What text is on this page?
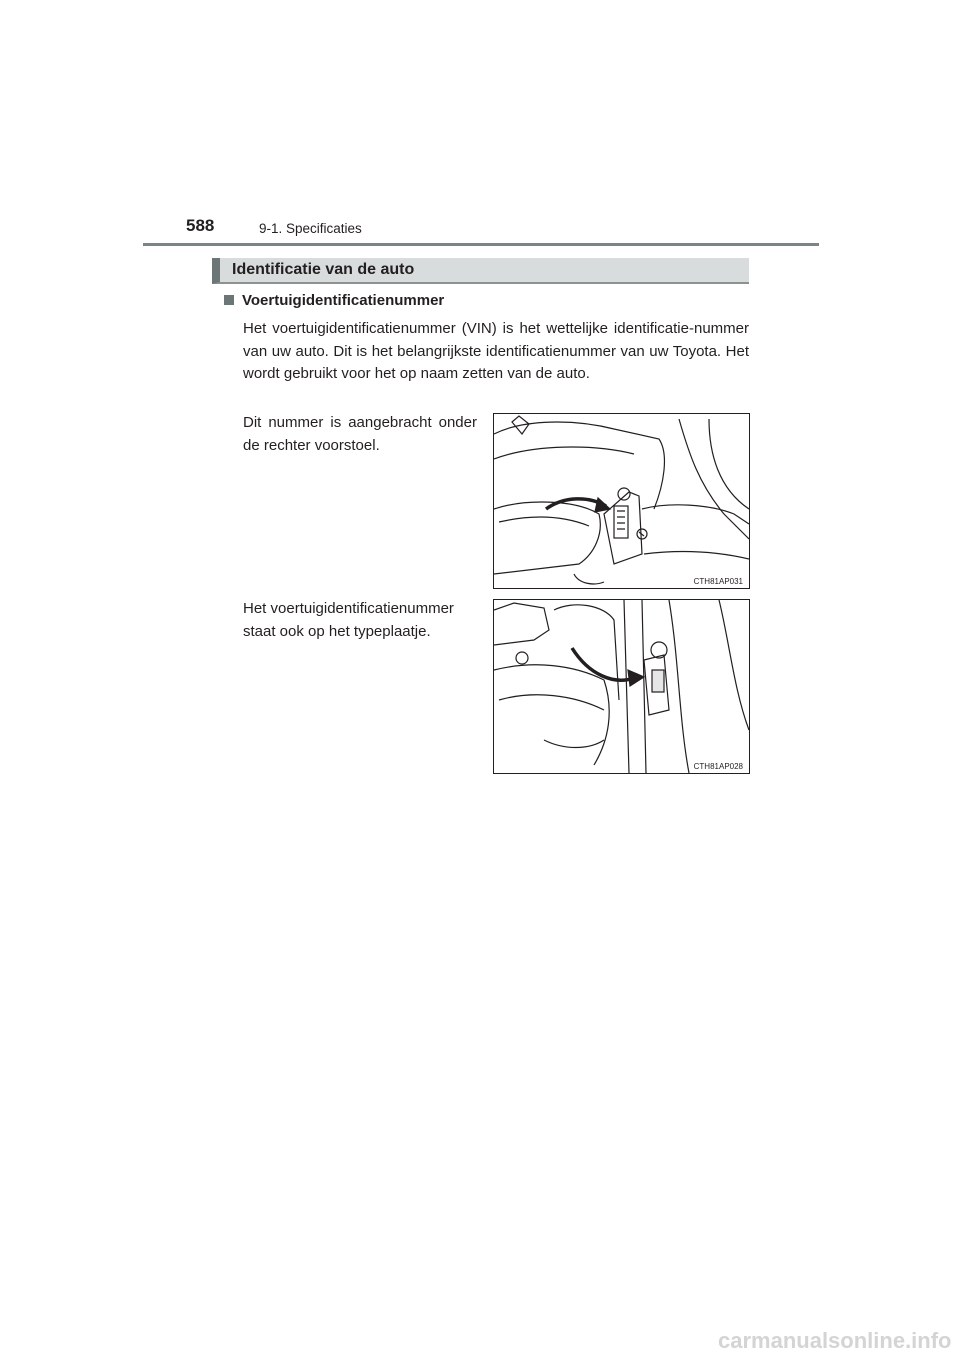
588	9-1. Specificaties
Identificatie van de auto
Voertuigidentificatienummer

Het voertuigidentificatienummer (VIN) is het wettelijke identificatie-nummer van uw auto. Dit is het belangrijkste identificatienummer van uw Toyota. Het wordt gebruikt voor het op naam zetten van de auto.

Dit nummer is aangebracht onder de rechter voorstoel.

Het voertuigidentificatienummer staat ook op het typeplaatje.

CTH81AP031
CTH81AP028
carmanualsonline.info
